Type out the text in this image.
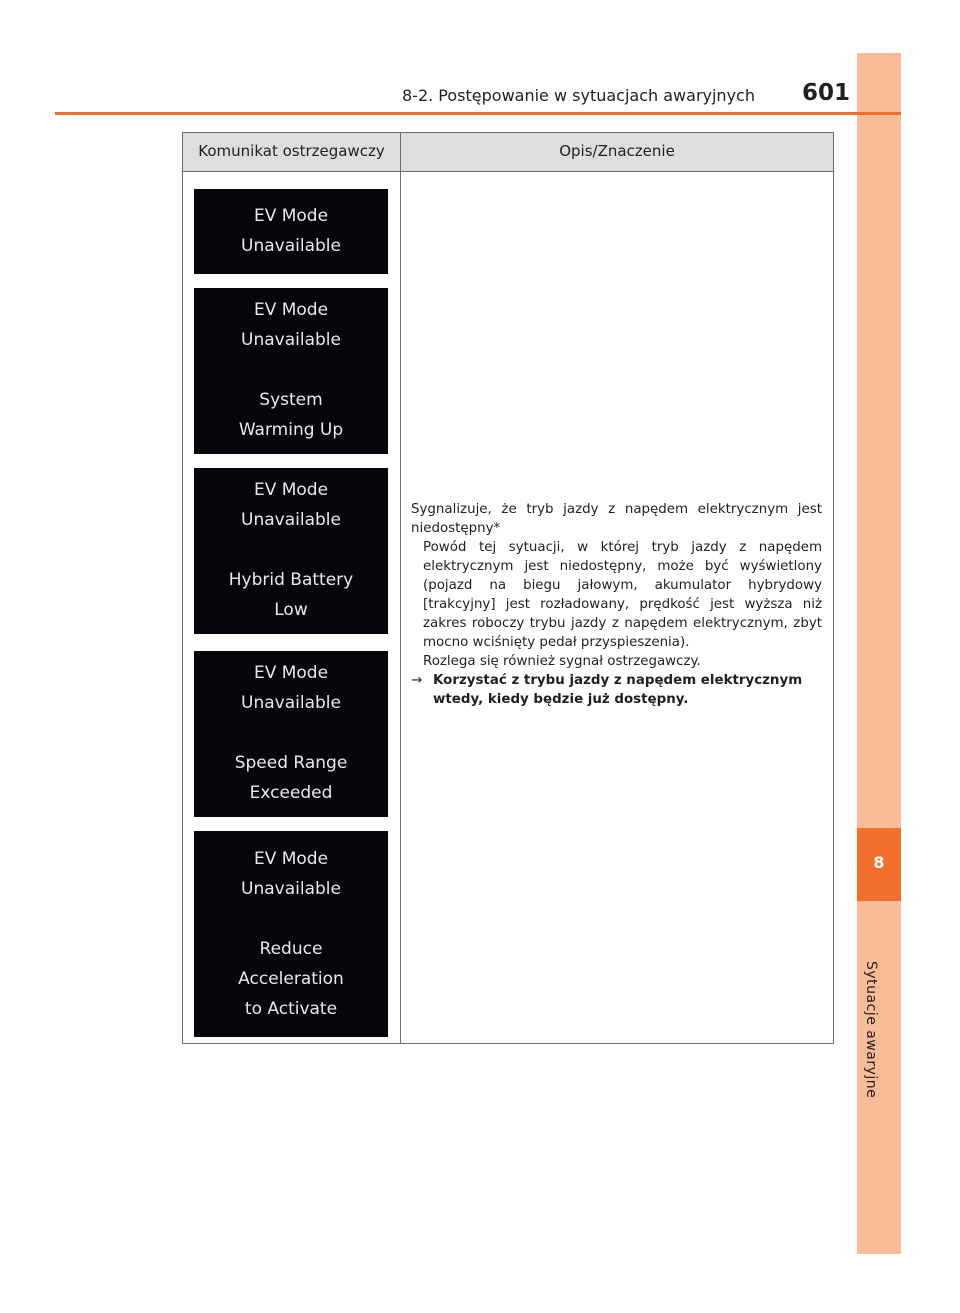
8
Sytuacje awaryjne
8-2. Postępowanie w sytuacjach awaryjnych 601
Komunikat ostrzegawczy	Opis/Znaczenie
EV Mode
Unavailable
EV Mode
Unavailable
System
Warming Up
EV Mode
Unavailable
Hybrid Battery
Low
EV Mode
Unavailable
Speed Range
Exceeded
EV Mode
Unavailable
Reduce
Acceleration
to Activate
Sygnalizuje, że tryb jazdy z napędem elektrycznym jest niedostępny*
Powód tej sytuacji, w której tryb jazdy z napędem elektrycznym jest niedostępny, może być wyświetlony (pojazd na biegu jałowym, akumulator hybrydowy [trakcyjny] jest rozładowany, prędkość jest wyższa niż zakres roboczy trybu jazdy z napędem elektrycznym, zbyt mocno wciśnięty pedał przyspieszenia).
Rozlega się również sygnał ostrzegawczy.
→ Korzystać z trybu jazdy z napędem elektrycznym wtedy, kiedy będzie już dostępny.
